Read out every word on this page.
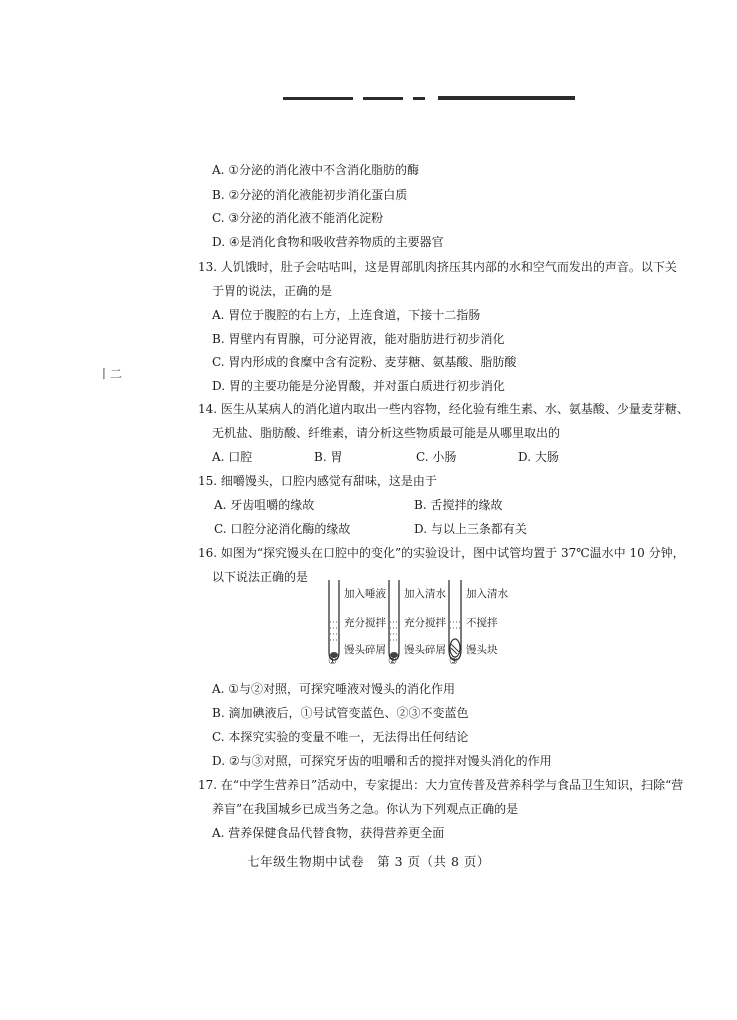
A. ①分泌的消化液中不含消化脂肪的酶
B. ②分泌的消化液能初步消化蛋白质
C. ③分泌的消化液不能消化淀粉
D. ④是消化食物和吸收营养物质的主要器官
13. 人饥饿时，肚子会咕咕叫，这是胃部肌肉挤压其内部的水和空气而发出的声音。以下关
于胃的说法，正确的是
A. 胃位于腹腔的右上方，上连食道，下接十二指肠
B. 胃壁内有胃腺，可分泌胃液，能对脂肪进行初步消化
C. 胃内形成的食糜中含有淀粉、麦芽糖、氨基酸、脂肪酸
D. 胃的主要功能是分泌胃酸，并对蛋白质进行初步消化
丨二
14. 医生从某病人的消化道内取出一些内容物，经化验有维生素、水、氨基酸、少量麦芽糖、
无机盐、脂肪酸、纤维素，请分析这些物质最可能是从哪里取出的
A. 口腔	B. 胃	C. 小肠	D. 大肠
15. 细嚼馒头，口腔内感觉有甜味，这是由于
A. 牙齿咀嚼的缘故	B. 舌搅拌的缘故
C. 口腔分泌消化酶的缘故	D. 与以上三条都有关
16. 如图为“探究馒头在口腔中的变化”的实验设计，图中试管均置于 37℃温水中 10 分钟，
以下说法正确的是
加入唾液
充分搅拌
馒头碎屑
加入清水
充分搅拌
馒头碎屑
加入清水
不搅拌
馒头块
①	②	③
A. ①与②对照，可探究唾液对馒头的消化作用
B. 滴加碘液后，①号试管变蓝色、②③不变蓝色
C. 本探究实验的变量不唯一，无法得出任何结论
D. ②与③对照，可探究牙齿的咀嚼和舌的搅拌对馒头消化的作用
17. 在“中学生营养日”活动中，专家提出：大力宣传普及营养科学与食品卫生知识，扫除“营
养盲”在我国城乡已成当务之急。你认为下列观点正确的是
A. 营养保健食品代替食物，获得营养更全面
七年级生物期中试卷　第 3 页（共 8 页）
